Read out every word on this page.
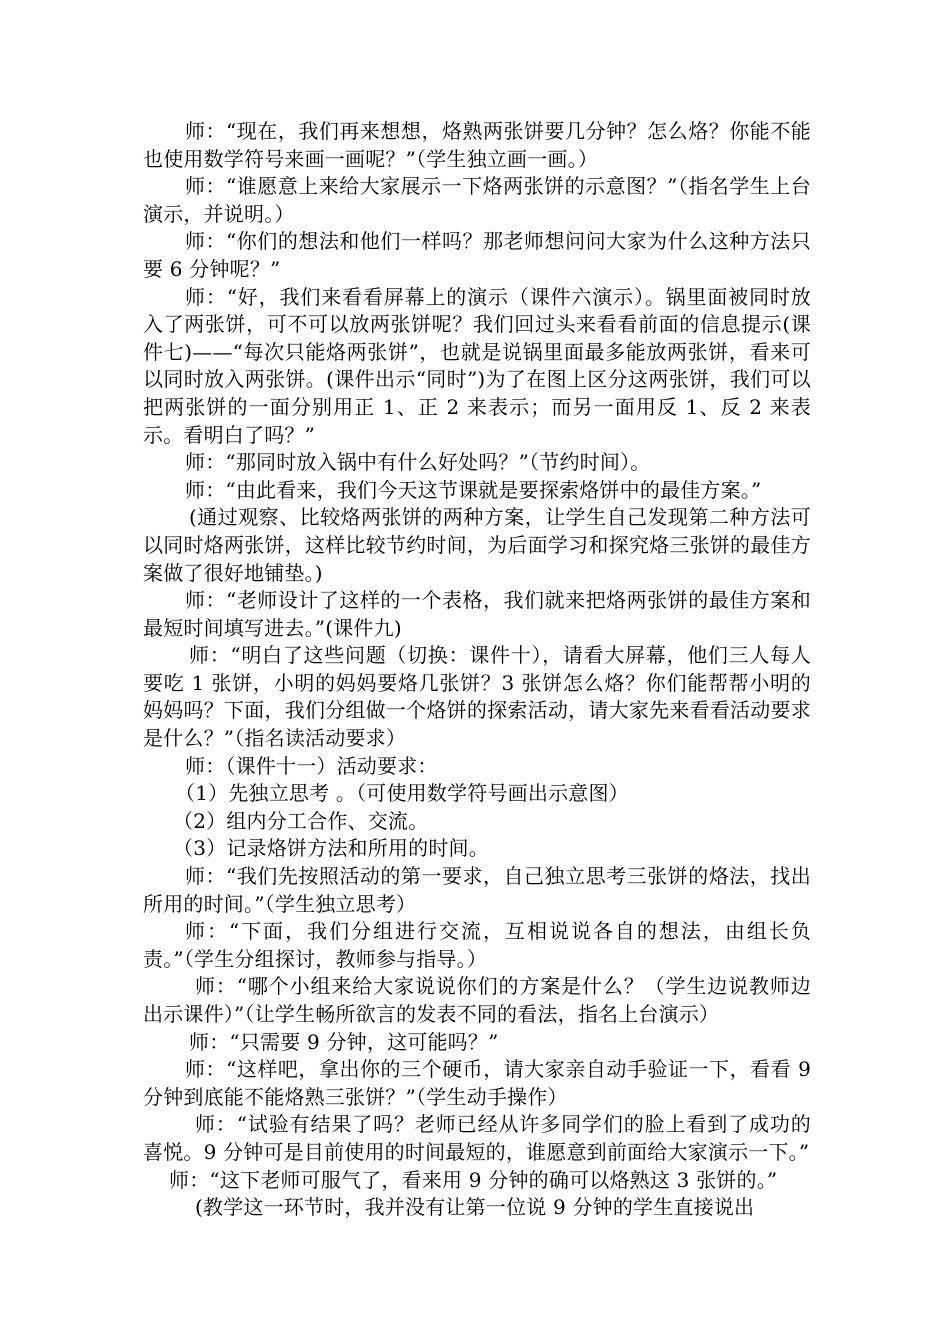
师：“现在，我们再来想想，烙熟两张饼要几分钟？怎么烙？你能不能也使用数学符号来画一画呢？”（学生独立画一画。）

师：“谁愿意上来给大家展示一下烙两张饼的示意图？”（指名学生上台演示，并说明。）

师：“你们的想法和他们一样吗？那老师想问问大家为什么这种方法只要 6 分钟呢？”

师：“好，我们来看看屏幕上的演示（课件六演示）。锅里面被同时放入了两张饼，可不可以放两张饼呢？我们回过头来看看前面的信息提示(课件七)——“每次只能烙两张饼”，也就是说锅里面最多能放两张饼，看来可以同时放入两张饼。(课件出示“同时”)为了在图上区分这两张饼，我们可以把两张饼的一面分别用正 1、正 2 来表示；而另一面用反 1、反 2 来表示。看明白了吗？”

师：“那同时放入锅中有什么好处吗？”（节约时间）。

师：“由此看来，我们今天这节课就是要探索烙饼中的最佳方案。”

(通过观察、比较烙两张饼的两种方案，让学生自己发现第二种方法可以同时烙两张饼，这样比较节约时间，为后面学习和探究烙三张饼的最佳方案做了很好地铺垫。)

师：“老师设计了这样的一个表格，我们就来把烙两张饼的最佳方案和最短时间填写进去。”(课件九)

师：“明白了这些问题（切换：课件十），请看大屏幕，他们三人每人要吃 1 张饼，小明的妈妈要烙几张饼？3 张饼怎么烙？你们能帮帮小明的妈妈吗？下面，我们分组做一个烙饼的探索活动，请大家先来看看活动要求是什么？”（指名读活动要求）

师：（课件十一）活动要求：

（1）先独立思考 。（可使用数学符号画出示意图）

（2）组内分工合作、交流。

（3）记录烙饼方法和所用的时间。

师：“我们先按照活动的第一要求，自己独立思考三张饼的烙法，找出所用的时间。”（学生独立思考）

师：“下面，我们分组进行交流，互相说说各自的想法，由组长负责。”（学生分组探讨，教师参与指导。）

师：“哪个小组来给大家说说你们的方案是什么？（学生边说教师边出示课件）”（让学生畅所欲言的发表不同的看法，指名上台演示）

师：“只需要 9 分钟，这可能吗？”

师：“这样吧，拿出你的三个硬币，请大家亲自动手验证一下，看看 9 分钟到底能不能烙熟三张饼？”（学生动手操作）

师：“试验有结果了吗？老师已经从许多同学们的脸上看到了成功的喜悦。9 分钟可是目前使用的时间最短的，谁愿意到前面给大家演示一下。”

师：“这下老师可服气了，看来用 9 分钟的确可以烙熟这 3 张饼的。”

(教学这一环节时，我并没有让第一位说 9 分钟的学生直接说出
